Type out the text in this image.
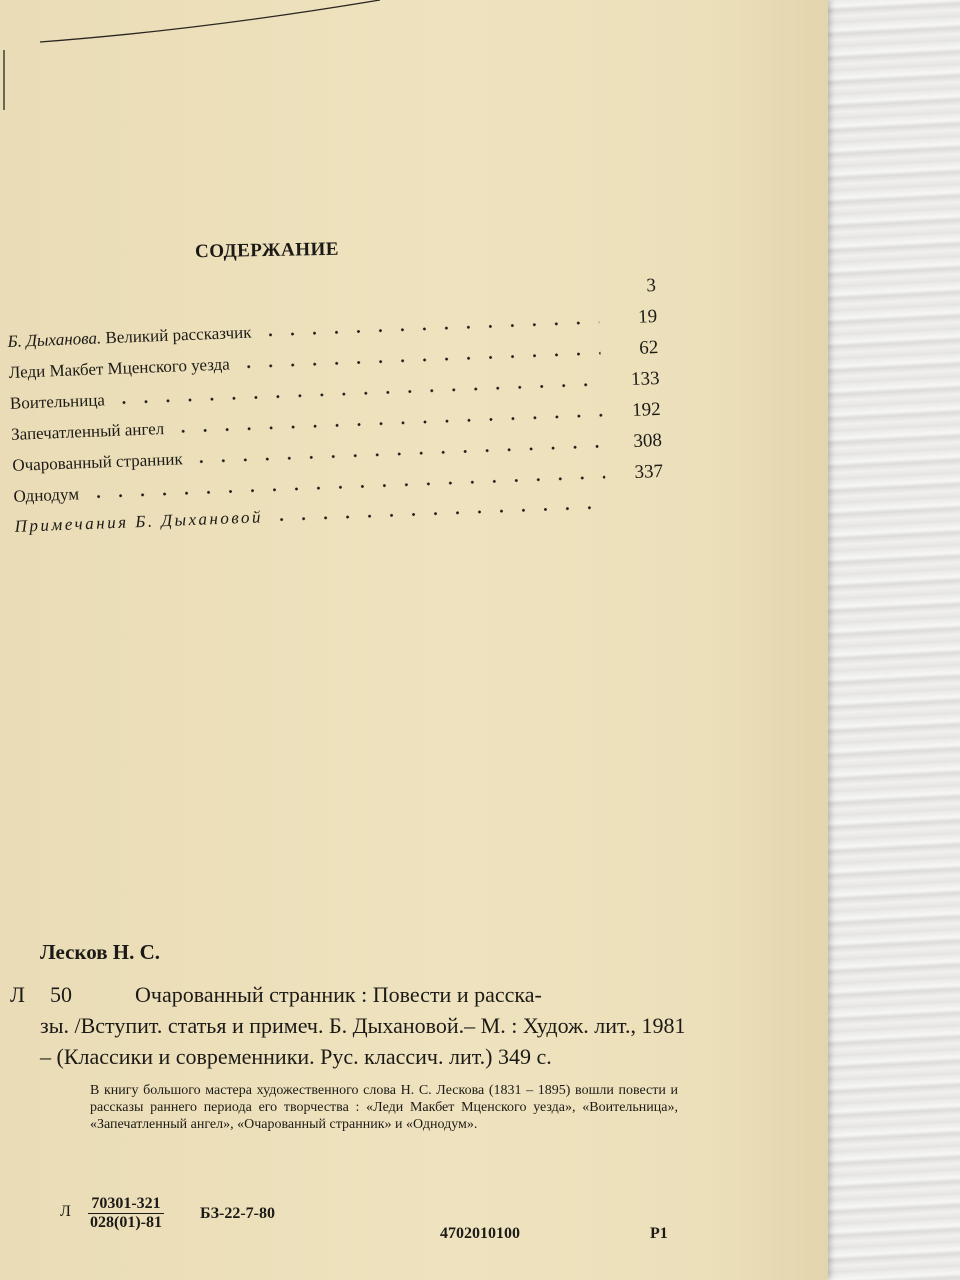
СОДЕРЖАНИЕ
3
Б. Дыханова. Великий рассказчик
19
Леди Макбет Мценского уезда
62
Воительница
133
Запечатленный ангел
192
Очарованный странник
308
Однодум
337
Примечания Б. Дыхановой
Лесков Н. С.
Л 50	Очарованный странник : Повести и расска-
зы. /Вступит. статья и примеч. Б. Дыхановой.– М. : Худож. лит., 1981 – (Классики и современники. Рус. классич. лит.) 349 с.
В книгу большого мастера художественного слова Н. С. Лескова (1831 – 1895) вошли повести и рассказы раннего периода его творчества : «Леди Макбет Мценского уезда», «Воительница», «Запечатленный ангел», «Очарованный странник» и «Однодум».
Л $\frac{70301-321}{028(01)-81} БЗ-22-7-80$
4702010100	Р1
